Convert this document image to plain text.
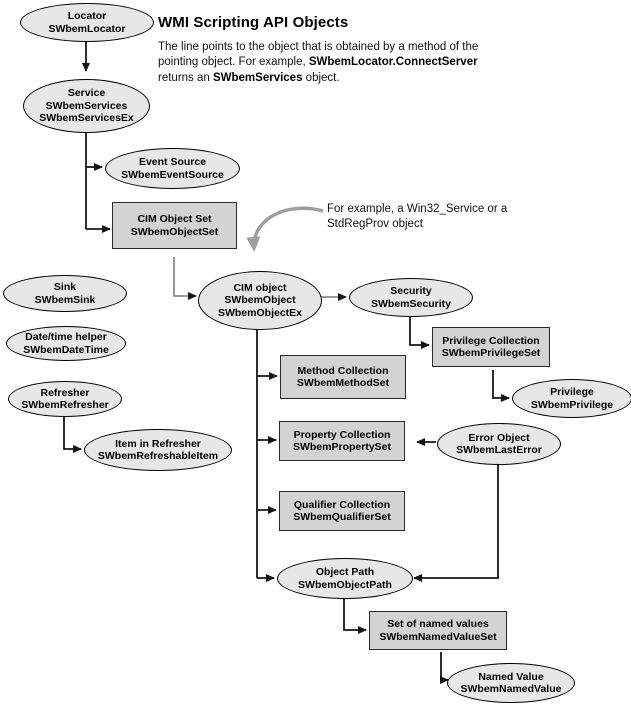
WMI Scripting API Objects
The line points to the object that is obtained by a method of the
pointing object. For example, SWbemLocator.ConnectServer
returns an SWbemServices object.
For example, a Win32_Service or a
StdRegProv object
Locator
SWbemLocator
Service
SWbemServices
SWbemServicesEx
Event Source
SWbemEventSource
Sink
SWbemSink
Date/time helper
SWbemDateTime
Refresher
SWbemRefresher
Item in Refresher
SWbemRefreshableItem
CIM object
SWbemObject
SWbemObjectEx
Security
SWbemSecurity
Privilege
SWbemPrivilege
Error Object
SWbemLastError
Object Path
SWbemObjectPath
Named Value
SWbemNamedValue
CIM Object Set
SWbemObjectSet
Method Collection
SWbemMethodSet
Property Collection
SWbemPropertySet
Qualifier Collection
SWbemQualifierSet
Privilege Collection
SWbemPrivilegeSet
Set of named values
SWbemNamedValueSet
